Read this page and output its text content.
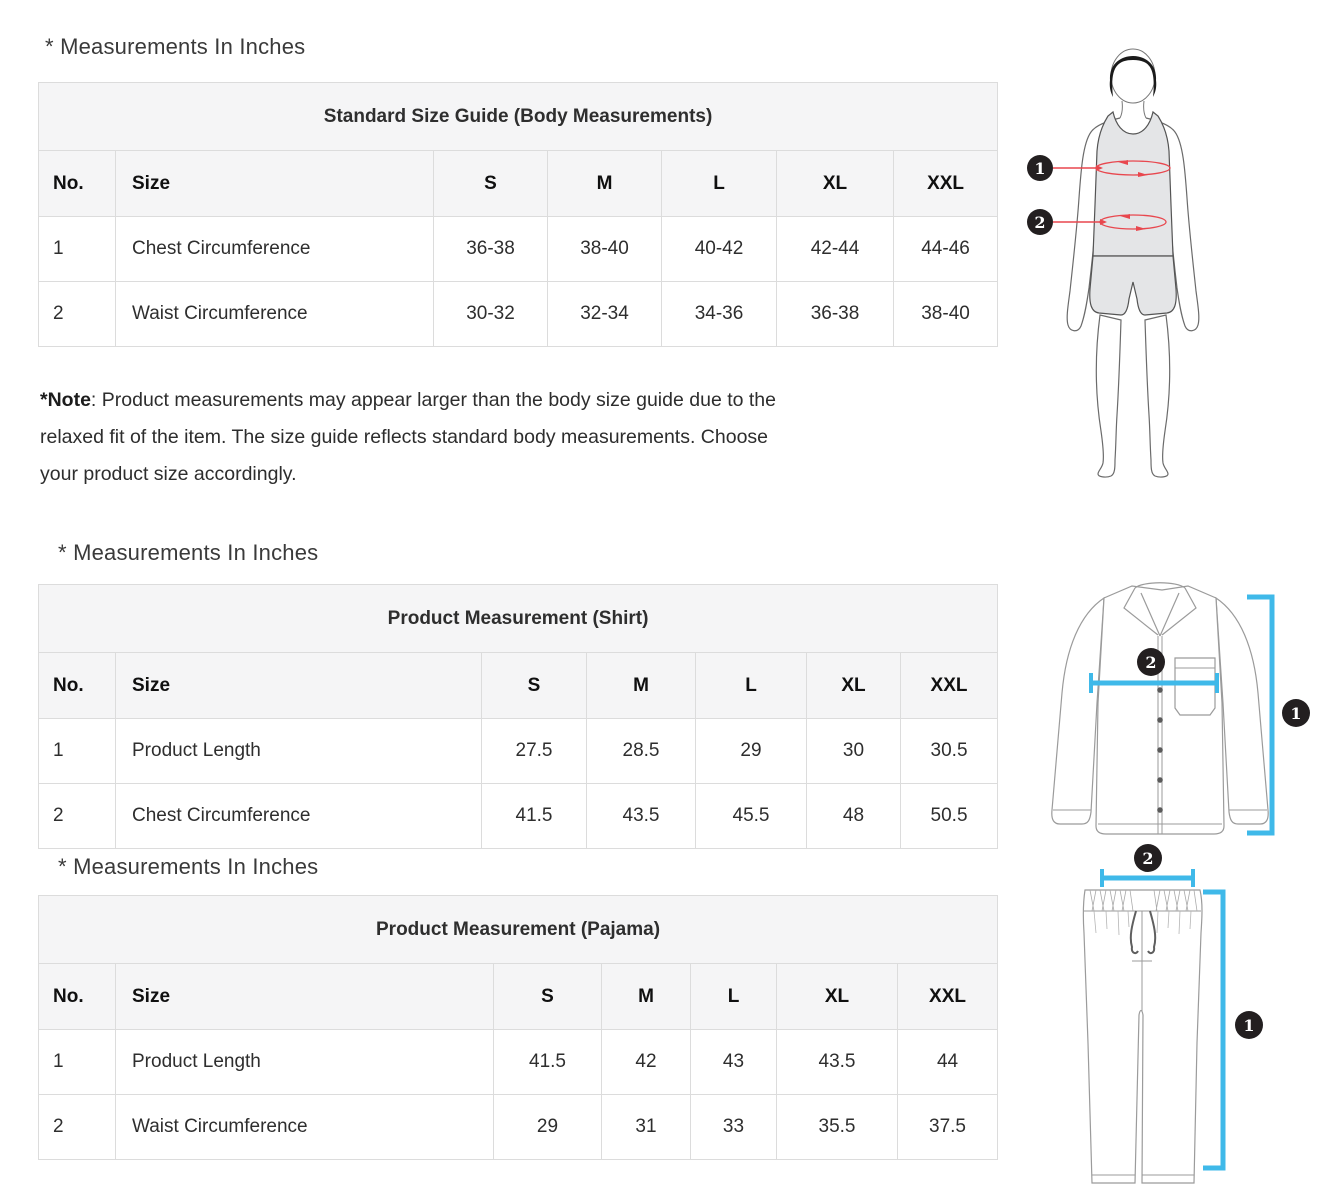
* Measurements In Inches
Standard Size Guide (Body Measurements)						
No.	Size	S	M	L	XL	XXL
1	Chest Circumference	36-38	38-40	40-42	42-44	44-46
2	Waist Circumference	30-32	32-34	34-36	36-38	38-40
*Note: Product measurements may appear larger than the body size guide due to the
relaxed fit of the item. The size guide reflects standard body measurements. Choose
your product size accordingly.
* Measurements In Inches
Product Measurement (Shirt)						
No.	Size	S	M	L	XL	XXL
1	Product Length	27.5	28.5	29	30	30.5
2	Chest Circumference	41.5	43.5	45.5	48	50.5
* Measurements In Inches
Product Measurement (Pajama)						
No.	Size	S	M	L	XL	XXL
1	Product Length	41.5	42	43	43.5	44
2	Waist Circumference	29	31	33	35.5	37.5
1
2
2
1
2
1
